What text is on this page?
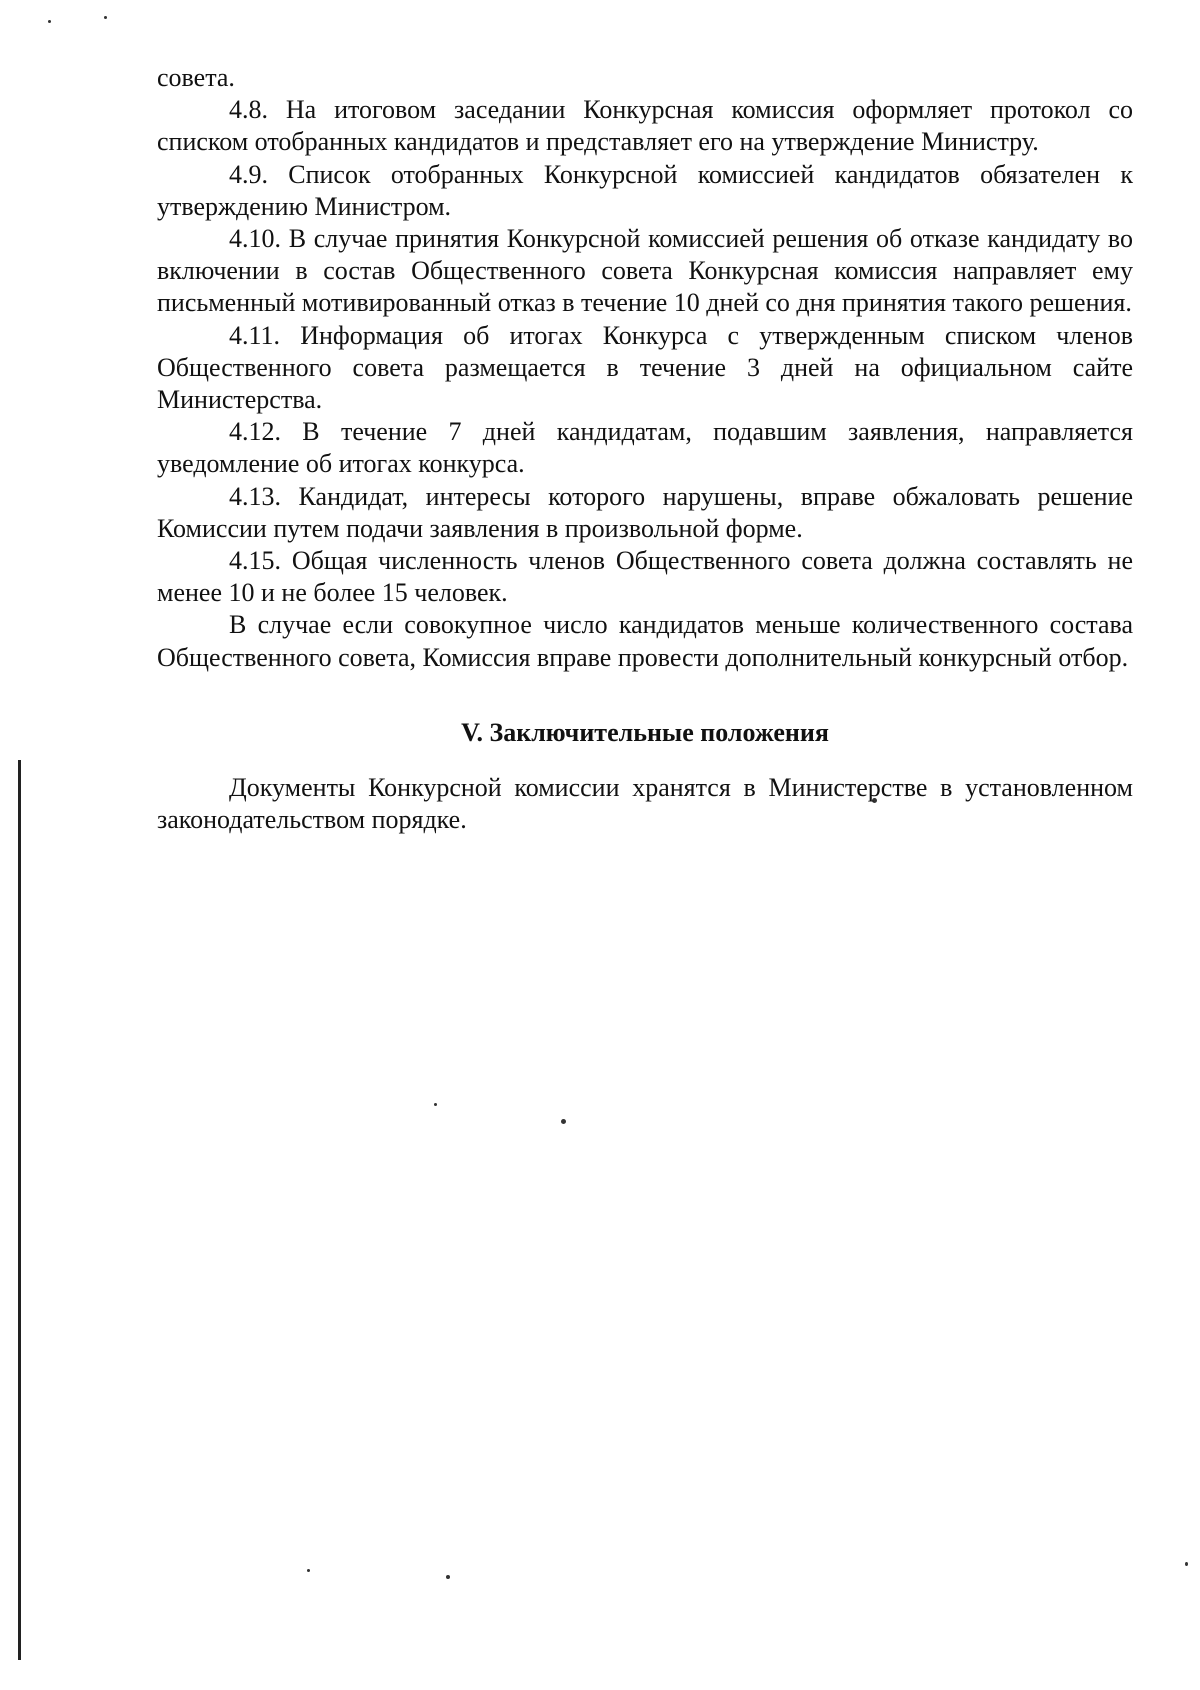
совета.

4.8. На итоговом заседании Конкурсная комиссия оформляет протокол со списком отобранных кандидатов и представляет его на утверждение Министру.

4.9. Список отобранных Конкурсной комиссией кандидатов обязателен к утверждению Министром.

4.10. В случае принятия Конкурсной комиссией решения об отказе кандидату во включении в состав Общественного совета Конкурсная комиссия направляет ему письменный мотивированный отказ в течение 10 дней со дня принятия такого решения.

4.11. Информация об итогах Конкурса с утвержденным списком членов Общественного совета размещается в течение 3 дней на официальном сайте Министерства.

4.12. В течение 7 дней кандидатам, подавшим заявления, направляется уведомление об итогах конкурса.

4.13. Кандидат, интересы которого нарушены, вправе обжаловать решение Комиссии путем подачи заявления в произвольной форме.

4.15. Общая численность членов Общественного совета должна составлять не менее 10 и не более 15 человек.

В случае если совокупное число кандидатов меньше количественного состава Общественного совета, Комиссия вправе провести дополнительный конкурсный отбор.

V. Заключительные положения

Документы Конкурсной комиссии хранятся в Министерстве в установленном законодательством порядке.
